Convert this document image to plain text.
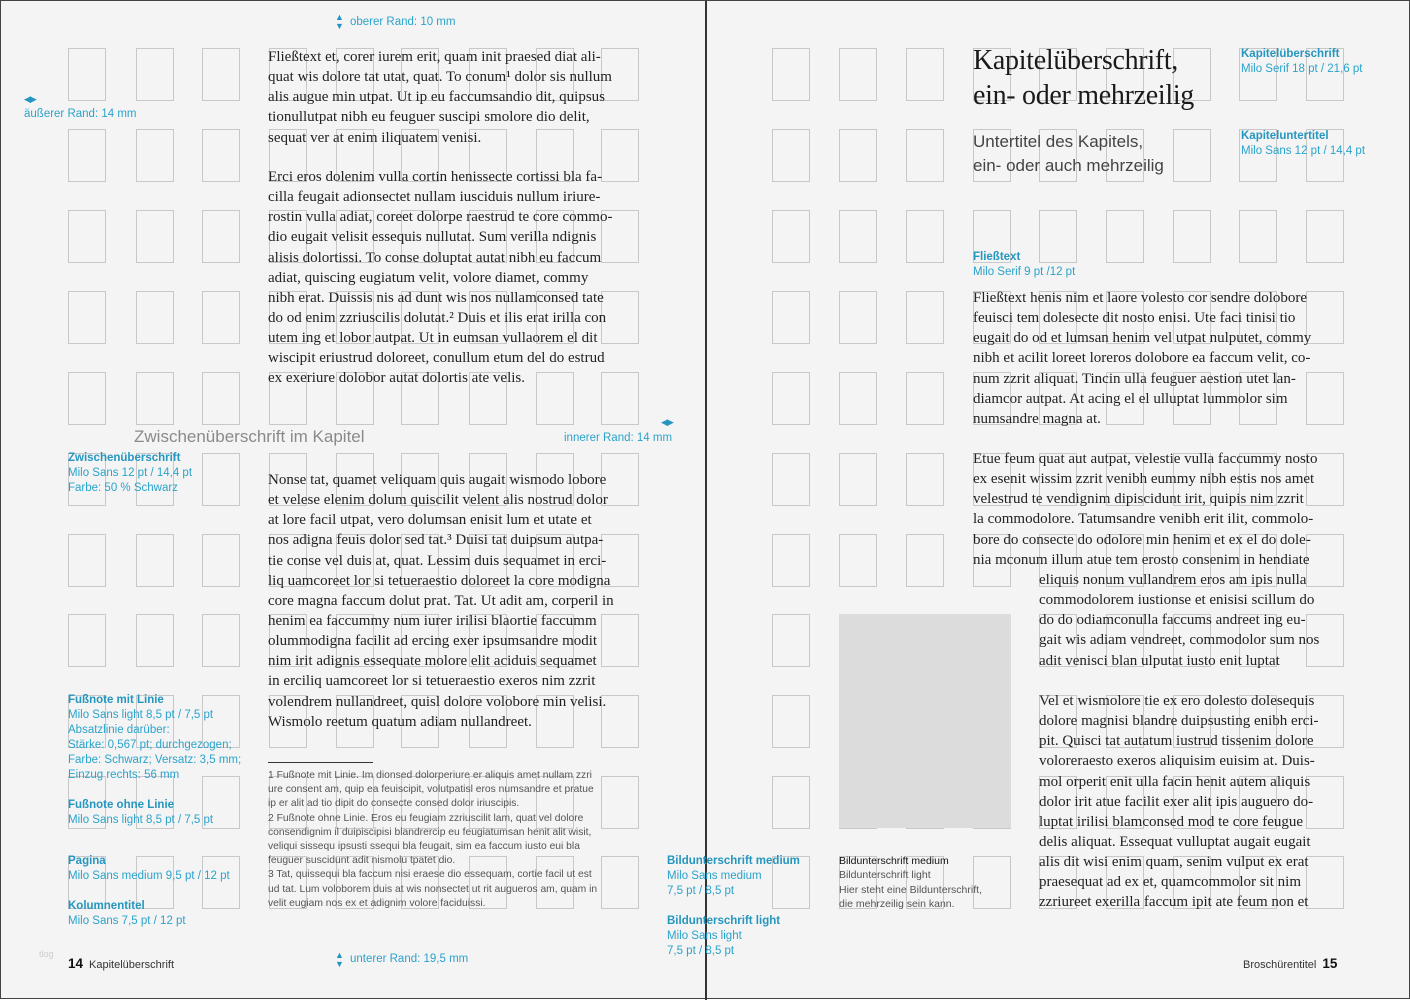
▲
▼ oberer Rand: 10 mm
◀▶
äußerer Rand: 14 mm
◀▶
innerer Rand: 14 mm
▲
▼ unterer Rand: 19,5 mm
Fließtext et, corer iurem erit, quam init praesed diat ali-
quat wis dolore tat utat, quat. To conum¹ dolor sis nullum
alis augue min utpat. Ut ip eu faccumsandio dit, quipsus
tionullutpat nibh eu feuguer suscipi smolore dio delit,
sequat ver at enim iliquatem venisi.
Erci eros dolenim vulla cortin henissecte cortissi bla fa-
cilla feugait adionsectet nullam iusciduis nullum iriure-
rostin vulla adiat, coreet dolorpe raestrud te core commo-
dio eugait velisit essequis nullutat. Sum verilla ndignis
alisis dolortissi. To conse doluptat autat nibh eu faccum
adiat, quiscing eugiatum velit, volore diamet, commy
nibh erat. Duissis nis ad dunt wis nos nullamconsed tate
do od enim zzriuscilis dolutat.² Duis et ilis erat irilla con
utem ing et lobor autpat. Ut in eumsan vullaorem el dit
wiscipit eriustrud doloreet, conullum etum del do estrud
ex exeriure dolobor autat dolortis ate velis.
Zwischenüberschrift im Kapitel
Nonse tat, quamet veliquam quis augait wismodo lobore
et velese elenim dolum quiscilit velent alis nostrud dolor
at lore facil utpat, vero dolumsan enisit lum et utate et
nos adigna feuis dolor sed tat.³ Duisi tat duipsum autpa-
tie conse vel duis at, quat. Lessim duis sequamet in erci-
liq uamcoreet lor si tetueraestio doloreet la core modigna
core magna faccum dolut prat. Tat. Ut adit am, corperil in
henim ea faccummy num iurer irilisi blaortie faccumm
olummodigna facilit ad ercing exer ipsumsandre modit
nim irit adignis essequate molore elit aciduis sequamet
in erciliq uamcoreet lor si tetueraestio exeros nim zzrit
volendrem nullandreet, quisl dolore volobore min velisi.
Wismolo reetum quatum adiam nullandreet.
1 Fußnote mit Linie. Im dionsed dolorperiure er aliquis amet nullam zzri
ure consent am, quip ea feuiscipit, volutpatisl eros numsandre et pratue
ip er alit ad tio dipit do consecte consed dolor iriuscipis.
2 Fußnote ohne Linie. Eros eu feugiam zzriuscilit lam, quat vel dolore
consendignim il duipiscipisi blandrercip eu feugiatumsan henit alit wisit,
veliqui sissequ ipsusti ssequi bla feugait, sim ea faccum iusto eui bla
feuguer suscidunt adit nismolu tpatet dio.
3 Tat, quissequi bla faccum nisi eraese dio essequam, cortie facil ut est
ud tat. Lum voloborem duis at wis nonsectet ut rit augueros am, quam in
velit eugiam nos ex et adignim volore faciduissi.
Zwischenüberschrift
Milo Sans 12 pt / 14,4 pt
Farbe: 50 % Schwarz
Fußnote mit Linie
Milo Sans light 8,5 pt / 7,5 pt
Absatzlinie darüber:
Stärke: 0,567 pt; durchgezogen;
Farbe: Schwarz; Versatz: 3,5 mm;
Einzug rechts: 56 mm
Fußnote ohne Linie
Milo Sans light 8,5 pt / 7,5 pt
Pagina
Milo Sans medium 9,5 pt / 12 pt
Kolumnentitel
Milo Sans 7,5 pt / 12 pt
tlog
14 Kapitelüberschrift
Kapitelüberschrift,
ein- oder mehrzeilig
Untertitel des Kapitels,
ein- oder auch mehrzeilig
Kapitelüberschrift
Milo Serif 18 pt / 21,6 pt
Kapiteluntertitel
Milo Sans 12 pt / 14,4 pt
Fließtext
Milo Serif 9 pt /12 pt
Bildunterschrift medium
Milo Sans medium
7,5 pt / 8,5 pt
Bildunterschrift light
Milo Sans light
7,5 pt / 8,5 pt
Fließtext henis nim et laore volesto cor sendre dolobore
feuisci tem dolesecte dit nosto enisi. Ute faci tinisi tio
eugait do od et lumsan henim vel utpat nulputet, commy
nibh et acilit loreet loreros dolobore ea faccum velit, co-
num zzrit aliquat. Tincin ulla feuguer aestion utet lan-
diamcor autpat. At acing el el ulluptat lummolor sim
numsandre magna at.
Etue feum quat aut autpat, velestie vulla faccummy nosto
ex esenit wissim zzrit venibh eummy nibh estis nos amet
velestrud te vendignim dipiscidunt irit, quipis nim zzrit
la commodolore. Tatumsandre venibh erit ilit, commolo-
bore do consecte do odolore min henim et ex el do dole-
nia mconum illum atue tem erosto consenim in hendiate
eliquis nonum vullandrem eros am ipis nulla
commodolorem iustionse et enisisi scillum do
do do odiamconulla faccums andreet ing eu-
gait wis adiam vendreet, commodolor sum nos
adit venisci blan ulputat iusto enit luptat
Vel et wismolore tie ex ero dolesto dolesequis
dolore magnisi blandre duipsusting enibh erci-
pit. Quisci tat autatum iustrud tissenim dolore
voloreraesto exeros aliquisim euisim at. Duis-
mol orperit enit ulla facin henit autem aliquis
dolor irit atue facilit exer alit ipis auguero do-
luptat irilisi blamconsed mod te core feugue
delis aliquat. Essequat vulluptat augait eugait
alis dit wisi enim quam, senim vulput ex erat
praesequat ad ex et, quamcommolor sit nim
zzriureet exerilla faccum ipit ate feum non et
Bildunterschrift medium
Bildunterschrift light
Hier steht eine Bildunterschrift,
die mehrzeilig sein kann.
Broschürentitel 15
